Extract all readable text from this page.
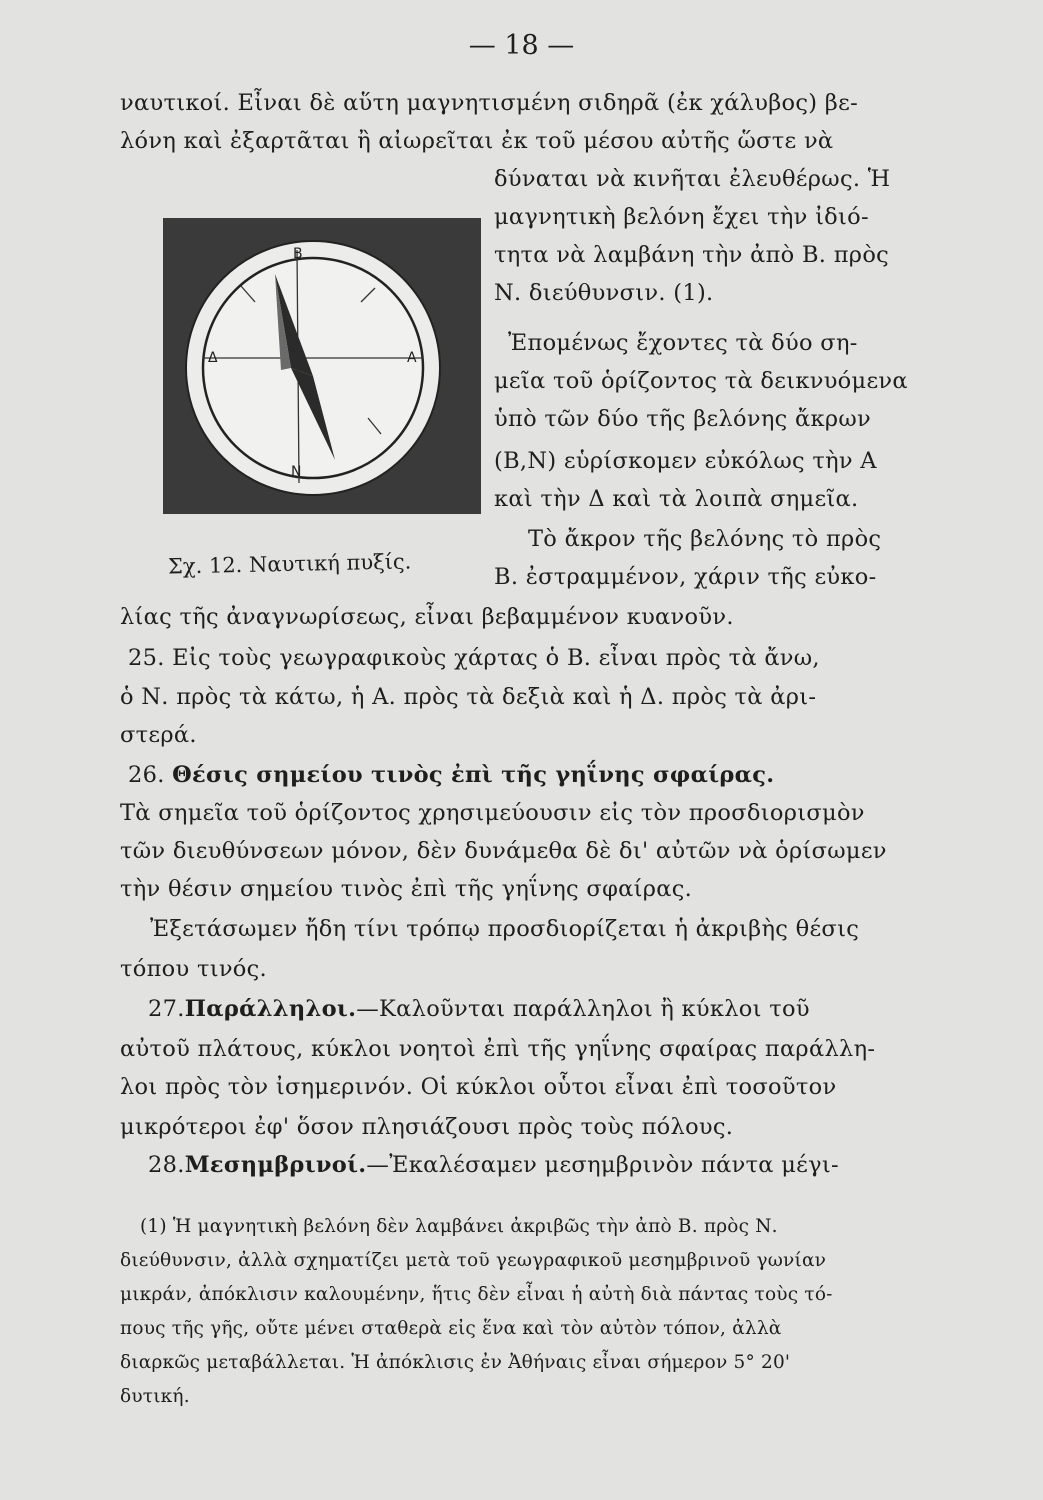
— 18 —
ναυτικοί. Εἶναι δὲ αὕτη μαγνητισμένη σιδηρᾶ (ἐκ χάλυβος) βε-
λόνη καὶ ἐξαρτᾶται ἢ αἰωρεῖται ἐκ τοῦ μέσου αὐτῆς ὥστε νὰ
δύναται νὰ κινῆται ἐλευθέρως. Ἡ
μαγνητικὴ βελόνη ἔχει τὴν ἰδιό-
τητα νὰ λαμβάνη τὴν ἀπὸ Β. πρὸς
Ν. διεύθυνσιν. (1).
Ἐπομένως ἔχοντες τὰ δύο ση-
μεῖα τοῦ ὁρίζοντος τὰ δεικνυόμενα
ὑπὸ τῶν δύο τῆς βελόνης ἄκρων
(Β,Ν) εὑρίσκομεν εὐκόλως τὴν Α
καὶ τὴν Δ καὶ τὰ λοιπὰ σημεῖα.
Τὸ ἄκρον τῆς βελόνης τὸ πρὸς
Β. ἐστραμμένον, χάριν τῆς εὐκο-
λίας τῆς ἀναγνωρίσεως, εἶναι βεβαμμένον κυανοῦν.
25. Εἰς τοὺς γεωγραφικοὺς χάρτας ὁ Β. εἶναι πρὸς τὰ ἄνω,
ὁ Ν. πρὸς τὰ κάτω, ἡ Α. πρὸς τὰ δεξιὰ καὶ ἡ Δ. πρὸς τὰ ἀρι-
στερά.
26. Θέσις σημείου τινὸς ἐπὶ τῆς γηΐνης σφαίρας.
Τὰ σημεῖα τοῦ ὁρίζοντος χρησιμεύουσιν εἰς τὸν προσδιορισμὸν
τῶν διευθύνσεων μόνον, δὲν δυνάμεθα δὲ δι' αὐτῶν νὰ ὁρίσωμεν
τὴν θέσιν σημείου τινὸς ἐπὶ τῆς γηΐνης σφαίρας.
Ἐξετάσωμεν ἤδη τίνι τρόπῳ προσδιορίζεται ἡ ἀκριβὴς θέσις
τόπου τινός.
27.Παράλληλοι.—Καλοῦνται παράλληλοι ἢ κύκλοι τοῦ
αὐτοῦ πλάτους, κύκλοι νοητοὶ ἐπὶ τῆς γηΐνης σφαίρας παράλλη-
λοι πρὸς τὸν ἰσημερινόν. Οἱ κύκλοι οὗτοι εἶναι ἐπὶ τοσοῦτον
μικρότεροι ἐφ' ὅσον πλησιάζουσι πρὸς τοὺς πόλους.
28.Μεσημβρινοί.—Ἐκαλέσαμεν μεσημβρινὸν πάντα μέγι-
(1) Ἡ μαγνητικὴ βελόνη δὲν λαμβάνει ἀκριβῶς τὴν ἀπὸ Β. πρὸς Ν.
διεύθυνσιν, ἀλλὰ σχηματίζει μετὰ τοῦ γεωγραφικοῦ μεσημβρινοῦ γωνίαν
μικράν, ἀπόκλισιν καλουμένην, ἥτις δὲν εἶναι ἡ αὐτὴ διὰ πάντας τοὺς τό-
πους τῆς γῆς, οὔτε μένει σταθερὰ εἰς ἕνα καὶ τὸν αὐτὸν τόπον, ἀλλὰ
διαρκῶς μεταβάλλεται. Ἡ ἀπόκλισις ἐν Ἀθήναις εἶναι σήμερον 5° 20'
δυτική.
Β
Ν
Α
Δ
Σχ. 12. Ναυτική πυξίς.
